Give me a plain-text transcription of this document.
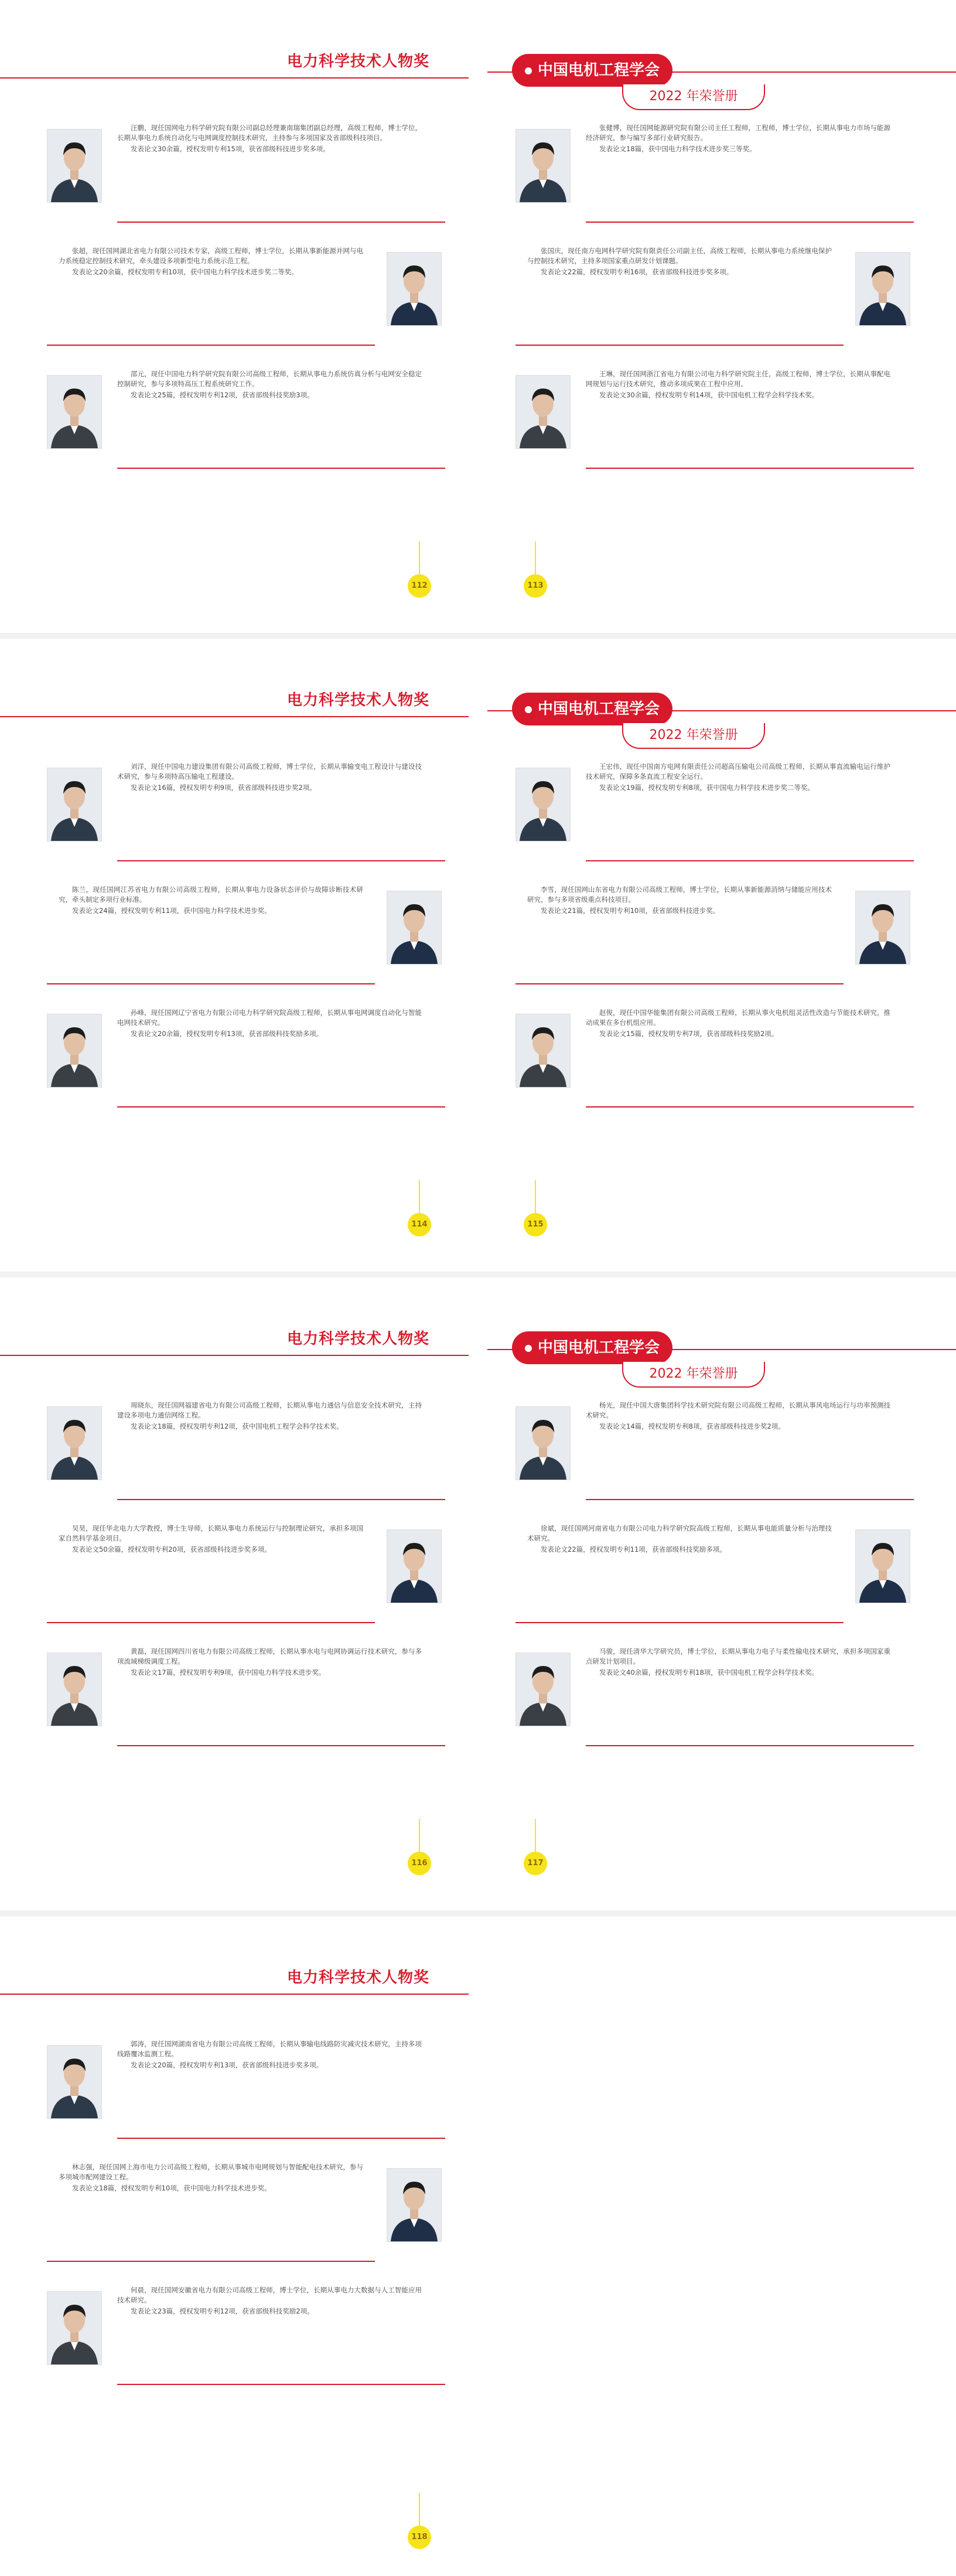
电力科学技术人物奖	中国电机工程学会
2022 年荣誉册

汪鹏，现任国网电力科学研究院有限公司副总经理兼南瑞集团副总经理，高级工程师，博士学位，长期从事电力系统自动化与电网调度控制技术研究，主持参与多项国家及省部级科技项目。

发表论文30余篇，授权发明专利15项，获省部级科技进步奖多项。

张超，现任国网湖北省电力有限公司技术专家，高级工程师，博士学位，长期从事新能源并网与电力系统稳定控制技术研究，牵头建设多项新型电力系统示范工程。

发表论文20余篇，授权发明专利10项，获中国电力科学技术进步奖二等奖。

邵元，现任中国电力科学研究院有限公司高级工程师，长期从事电力系统仿真分析与电网安全稳定控制研究，参与多项特高压工程系统研究工作。

发表论文25篇，授权发明专利12项，获省部级科技奖励3项。

张健博，现任国网能源研究院有限公司主任工程师，工程师，博士学位，长期从事电力市场与能源经济研究，参与编写多部行业研究报告。

发表论文18篇，获中国电力科学技术进步奖三等奖。

张国庆，现任南方电网科学研究院有限责任公司副主任，高级工程师，长期从事电力系统继电保护与控制技术研究，主持多项国家重点研发计划课题。

发表论文22篇，授权发明专利16项，获省部级科技进步奖多项。

王琳，现任国网浙江省电力有限公司电力科学研究院主任，高级工程师，博士学位，长期从事配电网规划与运行技术研究，推动多项成果在工程中应用。

发表论文30余篇，授权发明专利14项，获中国电机工程学会科学技术奖。

112	113
电力科学技术人物奖	中国电机工程学会
2022 年荣誉册

刘洋，现任中国电力建设集团有限公司高级工程师，博士学位，长期从事输变电工程设计与建设技术研究，参与多项特高压输电工程建设。

发表论文16篇，授权发明专利9项，获省部级科技进步奖2项。

陈兰，现任国网江苏省电力有限公司高级工程师，长期从事电力设备状态评价与故障诊断技术研究，牵头制定多项行业标准。

发表论文24篇，授权发明专利11项，获中国电力科学技术进步奖。

孙峰，现任国网辽宁省电力有限公司电力科学研究院高级工程师，长期从事电网调度自动化与智能电网技术研究。

发表论文20余篇，授权发明专利13项，获省部级科技奖励多项。

王宏伟，现任中国南方电网有限责任公司超高压输电公司高级工程师，长期从事直流输电运行维护技术研究，保障多条直流工程安全运行。

发表论文19篇，授权发明专利8项，获中国电力科学技术进步奖二等奖。

李雪，现任国网山东省电力有限公司高级工程师，博士学位，长期从事新能源消纳与储能应用技术研究，参与多项省级重点科技项目。

发表论文21篇，授权发明专利10项，获省部级科技进步奖。

赵俊，现任中国华能集团有限公司高级工程师，长期从事火电机组灵活性改造与节能技术研究，推动成果在多台机组应用。

发表论文15篇，授权发明专利7项，获省部级科技奖励2项。

114	115
电力科学技术人物奖	中国电机工程学会
2022 年荣誉册

周晓东，现任国网福建省电力有限公司高级工程师，长期从事电力通信与信息安全技术研究，主持建设多项电力通信网络工程。

发表论文18篇，授权发明专利12项，获中国电机工程学会科学技术奖。

吴昊，现任华北电力大学教授，博士生导师，长期从事电力系统运行与控制理论研究，承担多项国家自然科学基金项目。

发表论文50余篇，授权发明专利20项，获省部级科技进步奖多项。

黄磊，现任国网四川省电力有限公司高级工程师，长期从事水电与电网协调运行技术研究，参与多项流域梯级调度工程。

发表论文17篇，授权发明专利9项，获中国电力科学技术进步奖。

杨光，现任中国大唐集团科学技术研究院有限公司高级工程师，长期从事风电场运行与功率预测技术研究。

发表论文14篇，授权发明专利8项，获省部级科技进步奖2项。

徐斌，现任国网河南省电力有限公司电力科学研究院高级工程师，长期从事电能质量分析与治理技术研究。

发表论文22篇，授权发明专利11项，获省部级科技奖励多项。

马骏，现任清华大学研究员，博士学位，长期从事电力电子与柔性输电技术研究，承担多项国家重点研发计划项目。

发表论文40余篇，授权发明专利18项，获中国电机工程学会科学技术奖。

116	117
电力科学技术人物奖

郭涛，现任国网湖南省电力有限公司高级工程师，长期从事输电线路防灾减灾技术研究，主持多项线路覆冰监测工程。

发表论文20篇，授权发明专利13项，获省部级科技进步奖多项。

林志强，现任国网上海市电力公司高级工程师，长期从事城市电网规划与智能配电技术研究，参与多项城市配网建设工程。

发表论文18篇，授权发明专利10项，获中国电力科学技术进步奖。

何晨，现任国网安徽省电力有限公司高级工程师，博士学位，长期从事电力大数据与人工智能应用技术研究。

发表论文23篇，授权发明专利12项，获省部级科技奖励2项。

118
